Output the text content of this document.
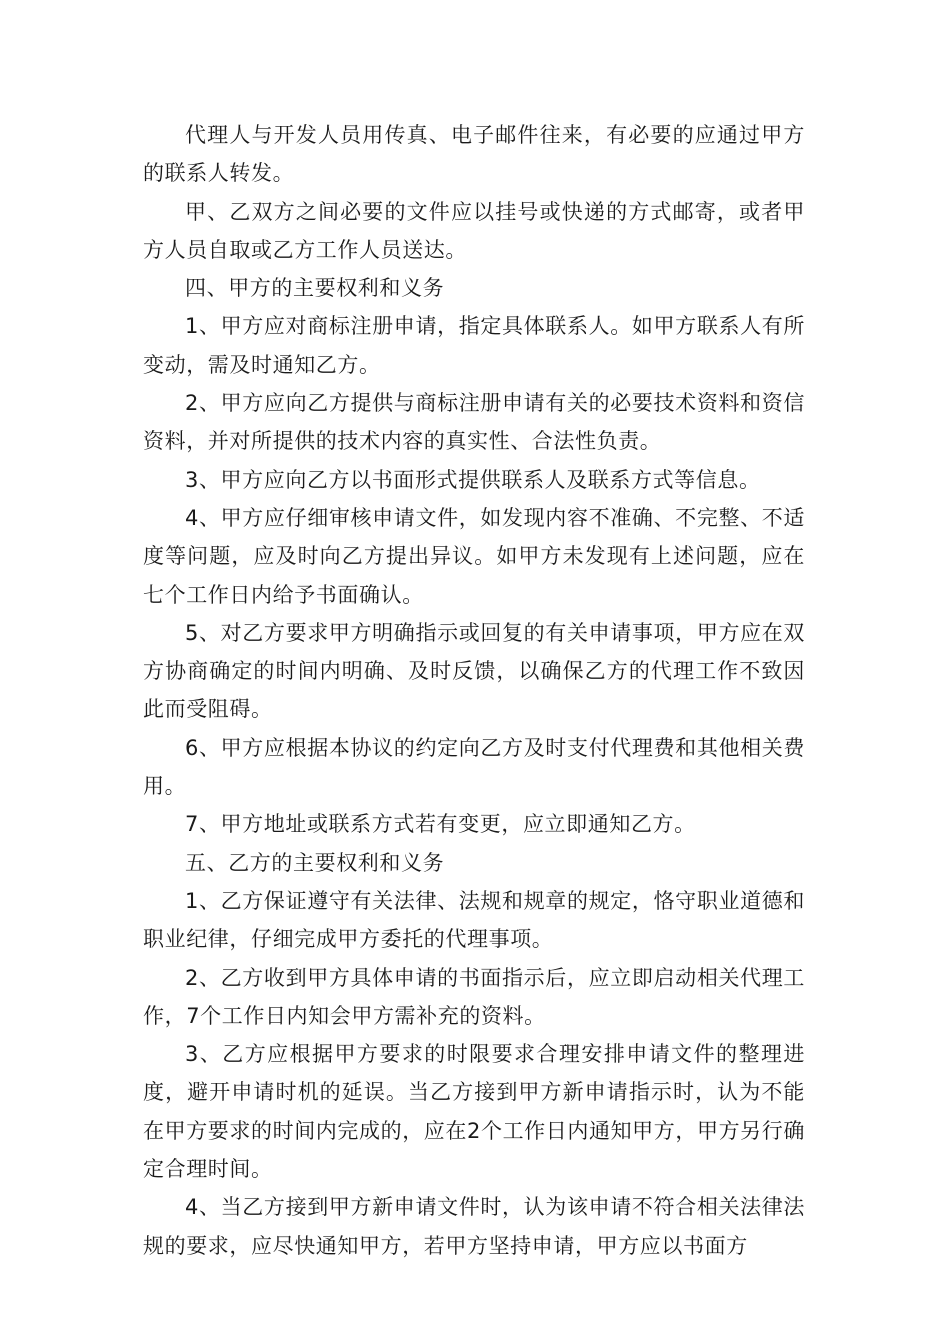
代理人与开发人员用传真、电子邮件往来，有必要的应通过甲方的联系人转发。

甲、乙双方之间必要的文件应以挂号或快递的方式邮寄，或者甲方人员自取或乙方工作人员送达。

四、甲方的主要权利和义务

1、甲方应对商标注册申请，指定具体联系人。如甲方联系人有所变动，需及时通知乙方。

2、甲方应向乙方提供与商标注册申请有关的必要技术资料和资信资料，并对所提供的技术内容的真实性、合法性负责。

3、甲方应向乙方以书面形式提供联系人及联系方式等信息。

4、甲方应仔细审核申请文件，如发现内容不准确、不完整、不适度等问题，应及时向乙方提出异议。如甲方未发现有上述问题，应在七个工作日内给予书面确认。

5、对乙方要求甲方明确指示或回复的有关申请事项，甲方应在双方协商确定的时间内明确、及时反馈，以确保乙方的代理工作不致因此而受阻碍。

6、甲方应根据本协议的约定向乙方及时支付代理费和其他相关费用。

7、甲方地址或联系方式若有变更，应立即通知乙方。

五、乙方的主要权利和义务

1、乙方保证遵守有关法律、法规和规章的规定，恪守职业道德和职业纪律，仔细完成甲方委托的代理事项。

2、乙方收到甲方具体申请的书面指示后，应立即启动相关代理工作，7个工作日内知会甲方需补充的资料。

3、乙方应根据甲方要求的时限要求合理安排申请文件的整理进度，避开申请时机的延误。当乙方接到甲方新申请指示时，认为不能在甲方要求的时间内完成的，应在2个工作日内通知甲方，甲方另行确定合理时间。

4、当乙方接到甲方新申请文件时，认为该申请不符合相关法律法规的要求，应尽快通知甲方，若甲方坚持申请，甲方应以书面方
